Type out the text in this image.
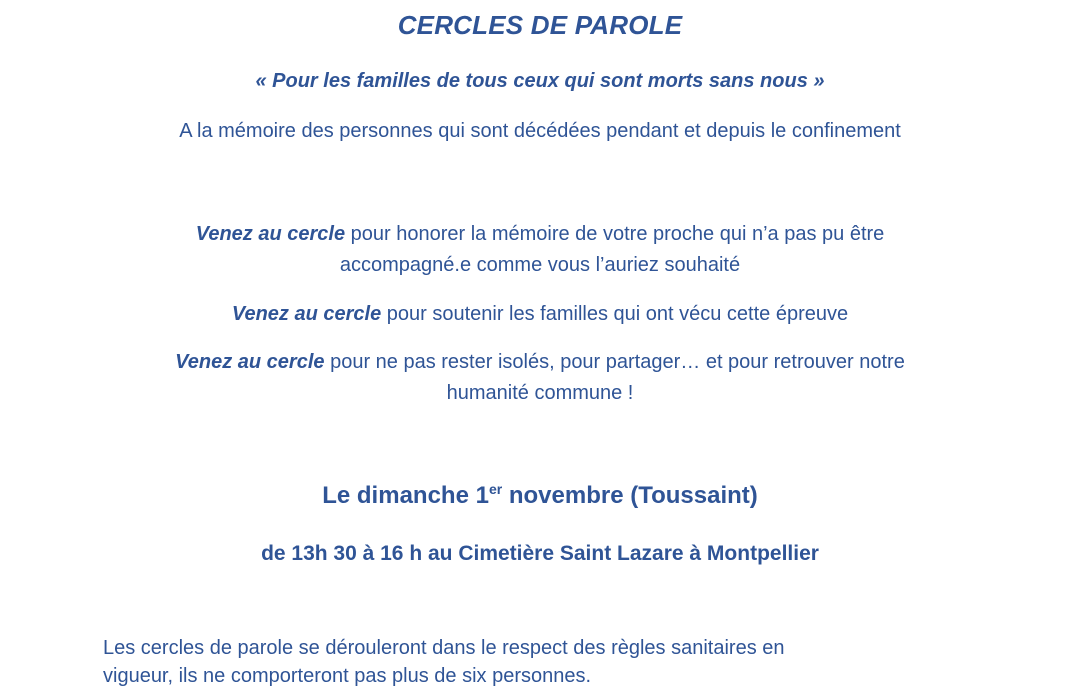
CERCLES DE PAROLE
« Pour les familles de tous ceux qui sont morts sans nous »
A la mémoire des personnes qui sont décédées pendant et depuis le confinement
Venez au cercle pour honorer la mémoire de votre proche qui n’a pas pu être
accompagné.e comme vous l’auriez souhaité
Venez au cercle pour soutenir les familles qui ont vécu cette épreuve
Venez au cercle pour ne pas rester isolés, pour partager… et pour retrouver notre
humanité commune !
Le dimanche 1er novembre (Toussaint)
de 13h 30 à 16 h au Cimetière Saint Lazare à Montpellier
Les cercles de parole se dérouleront dans le respect des règles sanitaires en
vigueur, ils ne comporteront pas plus de six personnes.
